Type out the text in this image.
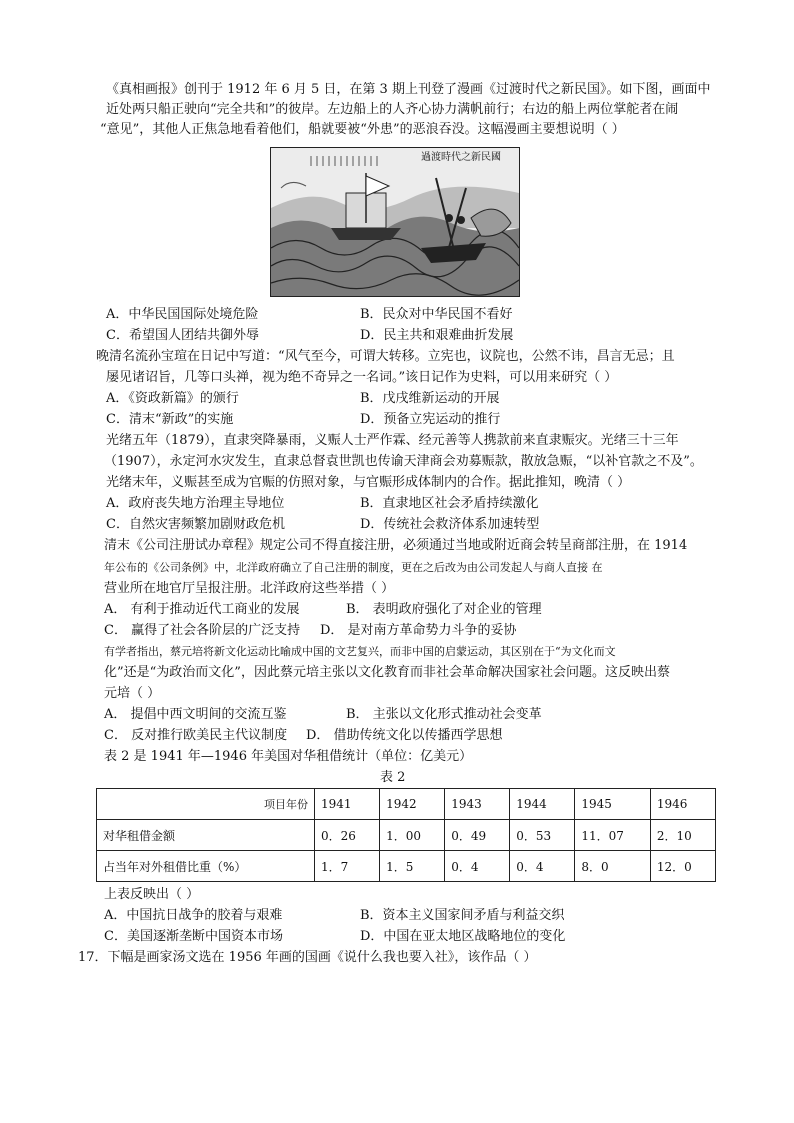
《真相画报》创刊于 1912 年 6 月 5 日，在第 3 期上刊登了漫画《过渡时代之新民国》。如下图，画面中
近处两只船正驶向“完全共和”的彼岸。左边船上的人齐心协力满帆前行；右边的船上两位掌舵者在闹
“意见”，其他人正焦急地看着他们，船就要被“外患”的恶浪吞没。这幅漫画主要想说明（ ）
過渡時代之新民國
A．中华民国国际处境危险	B．民众对中华民国不看好
C．希望国人团结共御外辱	D．民主共和艰难曲折发展
晚清名流孙宝瑄在日记中写道：“风气至今，可谓大转移。立宪也，议院也，公然不讳，昌言无忌；且
屡见诸诏旨，几等口头禅，视为绝不奇异之一名词。”该日记作为史料，可以用来研究（ ）
A．《资政新篇》的颁行	B．戊戌维新运动的开展
C．清末“新政”的实施	D．预备立宪运动的推行
光绪五年（1879），直隶突降暴雨，义赈人士严作霖、经元善等人携款前来直隶赈灾。光绪三十三年
（1907），永定河水灾发生，直隶总督袁世凯也传谕天津商会劝募赈款，散放急赈，“以补官款之不及”。
光绪末年，义赈甚至成为官赈的仿照对象，与官赈形成体制内的合作。据此推知，晚清（ ）
A．政府丧失地方治理主导地位	B．直隶地区社会矛盾持续激化
C．自然灾害频繁加剧财政危机	D．传统社会救济体系加速转型
清末《公司注册试办章程》规定公司不得直接注册，必须通过当地或附近商会转呈商部注册，在 1914
年公布的《公司条例》中，北洋政府确立了自己注册的制度，更在之后改为由公司发起人与商人直接 在
营业所在地官厅呈报注册。北洋政府这些举措（ ）
A． 有利于推动近代工商业的发展	B． 表明政府强化了对企业的管理
C． 赢得了社会各阶层的广泛支持 D． 是对南方革命势力斗争的妥协
有学者指出，蔡元培将新文化运动比喻成中国的文艺复兴，而非中国的启蒙运动，其区别在于“为文化而文
化”还是“为政治而文化”，因此蔡元培主张以文化教育而非社会革命解决国家社会问题。这反映出蔡
元培（ ）
A． 提倡中西文明间的交流互鉴	B． 主张以文化形式推动社会变革
C． 反对推行欧美民主代议制度 D． 借助传统文化以传播西学思想
表 2 是 1941 年—1946 年美国对华租借统计（单位：亿美元）
表 2
项目年份	1941	1942	1943	1944	1945	1946
对华租借金额	0．26	1．00	0．49	0．53	11．07	2．10
占当年对外租借比重（%）	1．7	1．5	0．4	0．4	8．0	12．0
上表反映出（ ）
A．中国抗日战争的胶着与艰难	B．资本主义国家间矛盾与利益交织
C．美国逐渐垄断中国资本市场	D．中国在亚太地区战略地位的变化
17．下幅是画家汤文选在 1956 年画的国画《说什么我也要入社》，该作品（ ）
